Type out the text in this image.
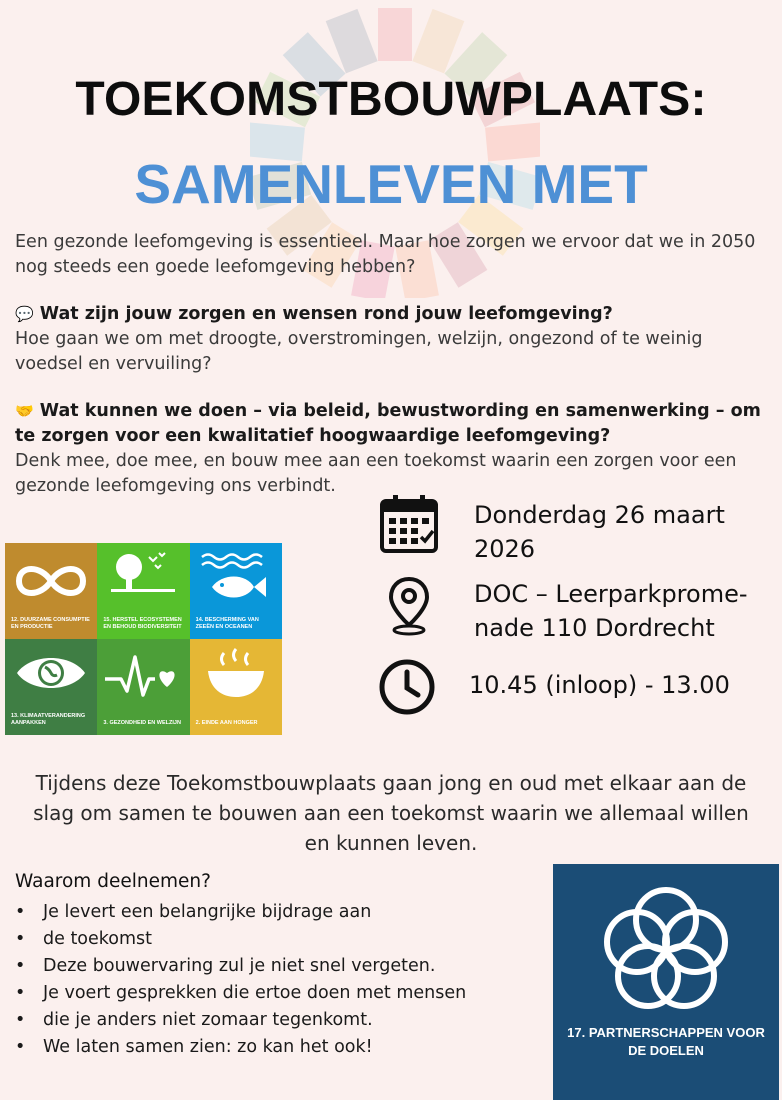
TOEKOMSTBOUWPLAATS:
SAMENLEVEN MET

Een gezonde leefomgeving is essentieel. Maar hoe zorgen we ervoor dat we in 2050 nog steeds een goede leefomgeving hebben?

💬 Wat zijn jouw zorgen en wensen rond jouw leefomgeving?
Hoe gaan we om met droogte, overstromingen, welzijn, ongezond of te weinig voedsel en vervuiling?

🤝 Wat kunnen we doen – via beleid, bewustwording en samenwerking – om te zorgen voor een kwalitatief hoogwaardige leefomgeving?
Denk mee, doe mee, en bouw mee aan een toekomst waarin een zorgen voor een gezonde leefomgeving ons verbindt.

12. DUURZAME CONSUMPTIE EN PRODUCTIE
15. HERSTEL ECOSYSTEMEN EN BEHOUD BIODIVERSITEIT
14. BESCHERMING VAN ZEEËN EN OCEANEN
13. KLIMAATVERANDERING AANPAKKEN	3. GEZONDHEID EN WELZIJN	2. EINDE AAN HONGER
Donderdag 26 maart 2026
DOC – Leerparkprome-nade 110 Dordrecht
10.45 (inloop) - 13.00
Tijdens deze Toekomstbouwplaats gaan jong en oud met elkaar aan de slag om samen te bouwen aan een toekomst waarin we allemaal willen en kunnen leven.
Waarom deelnemen?
• Je levert een belangrijke bijdrage aan
• de toekomst
• Deze bouwervaring zul je niet snel vergeten.
• Je voert gesprekken die ertoe doen met mensen
• die je anders niet zomaar tegenkomt.
• We laten samen zien: zo kan het ook!
17. PARTNERSCHAPPEN VOOR
DE DOELEN
